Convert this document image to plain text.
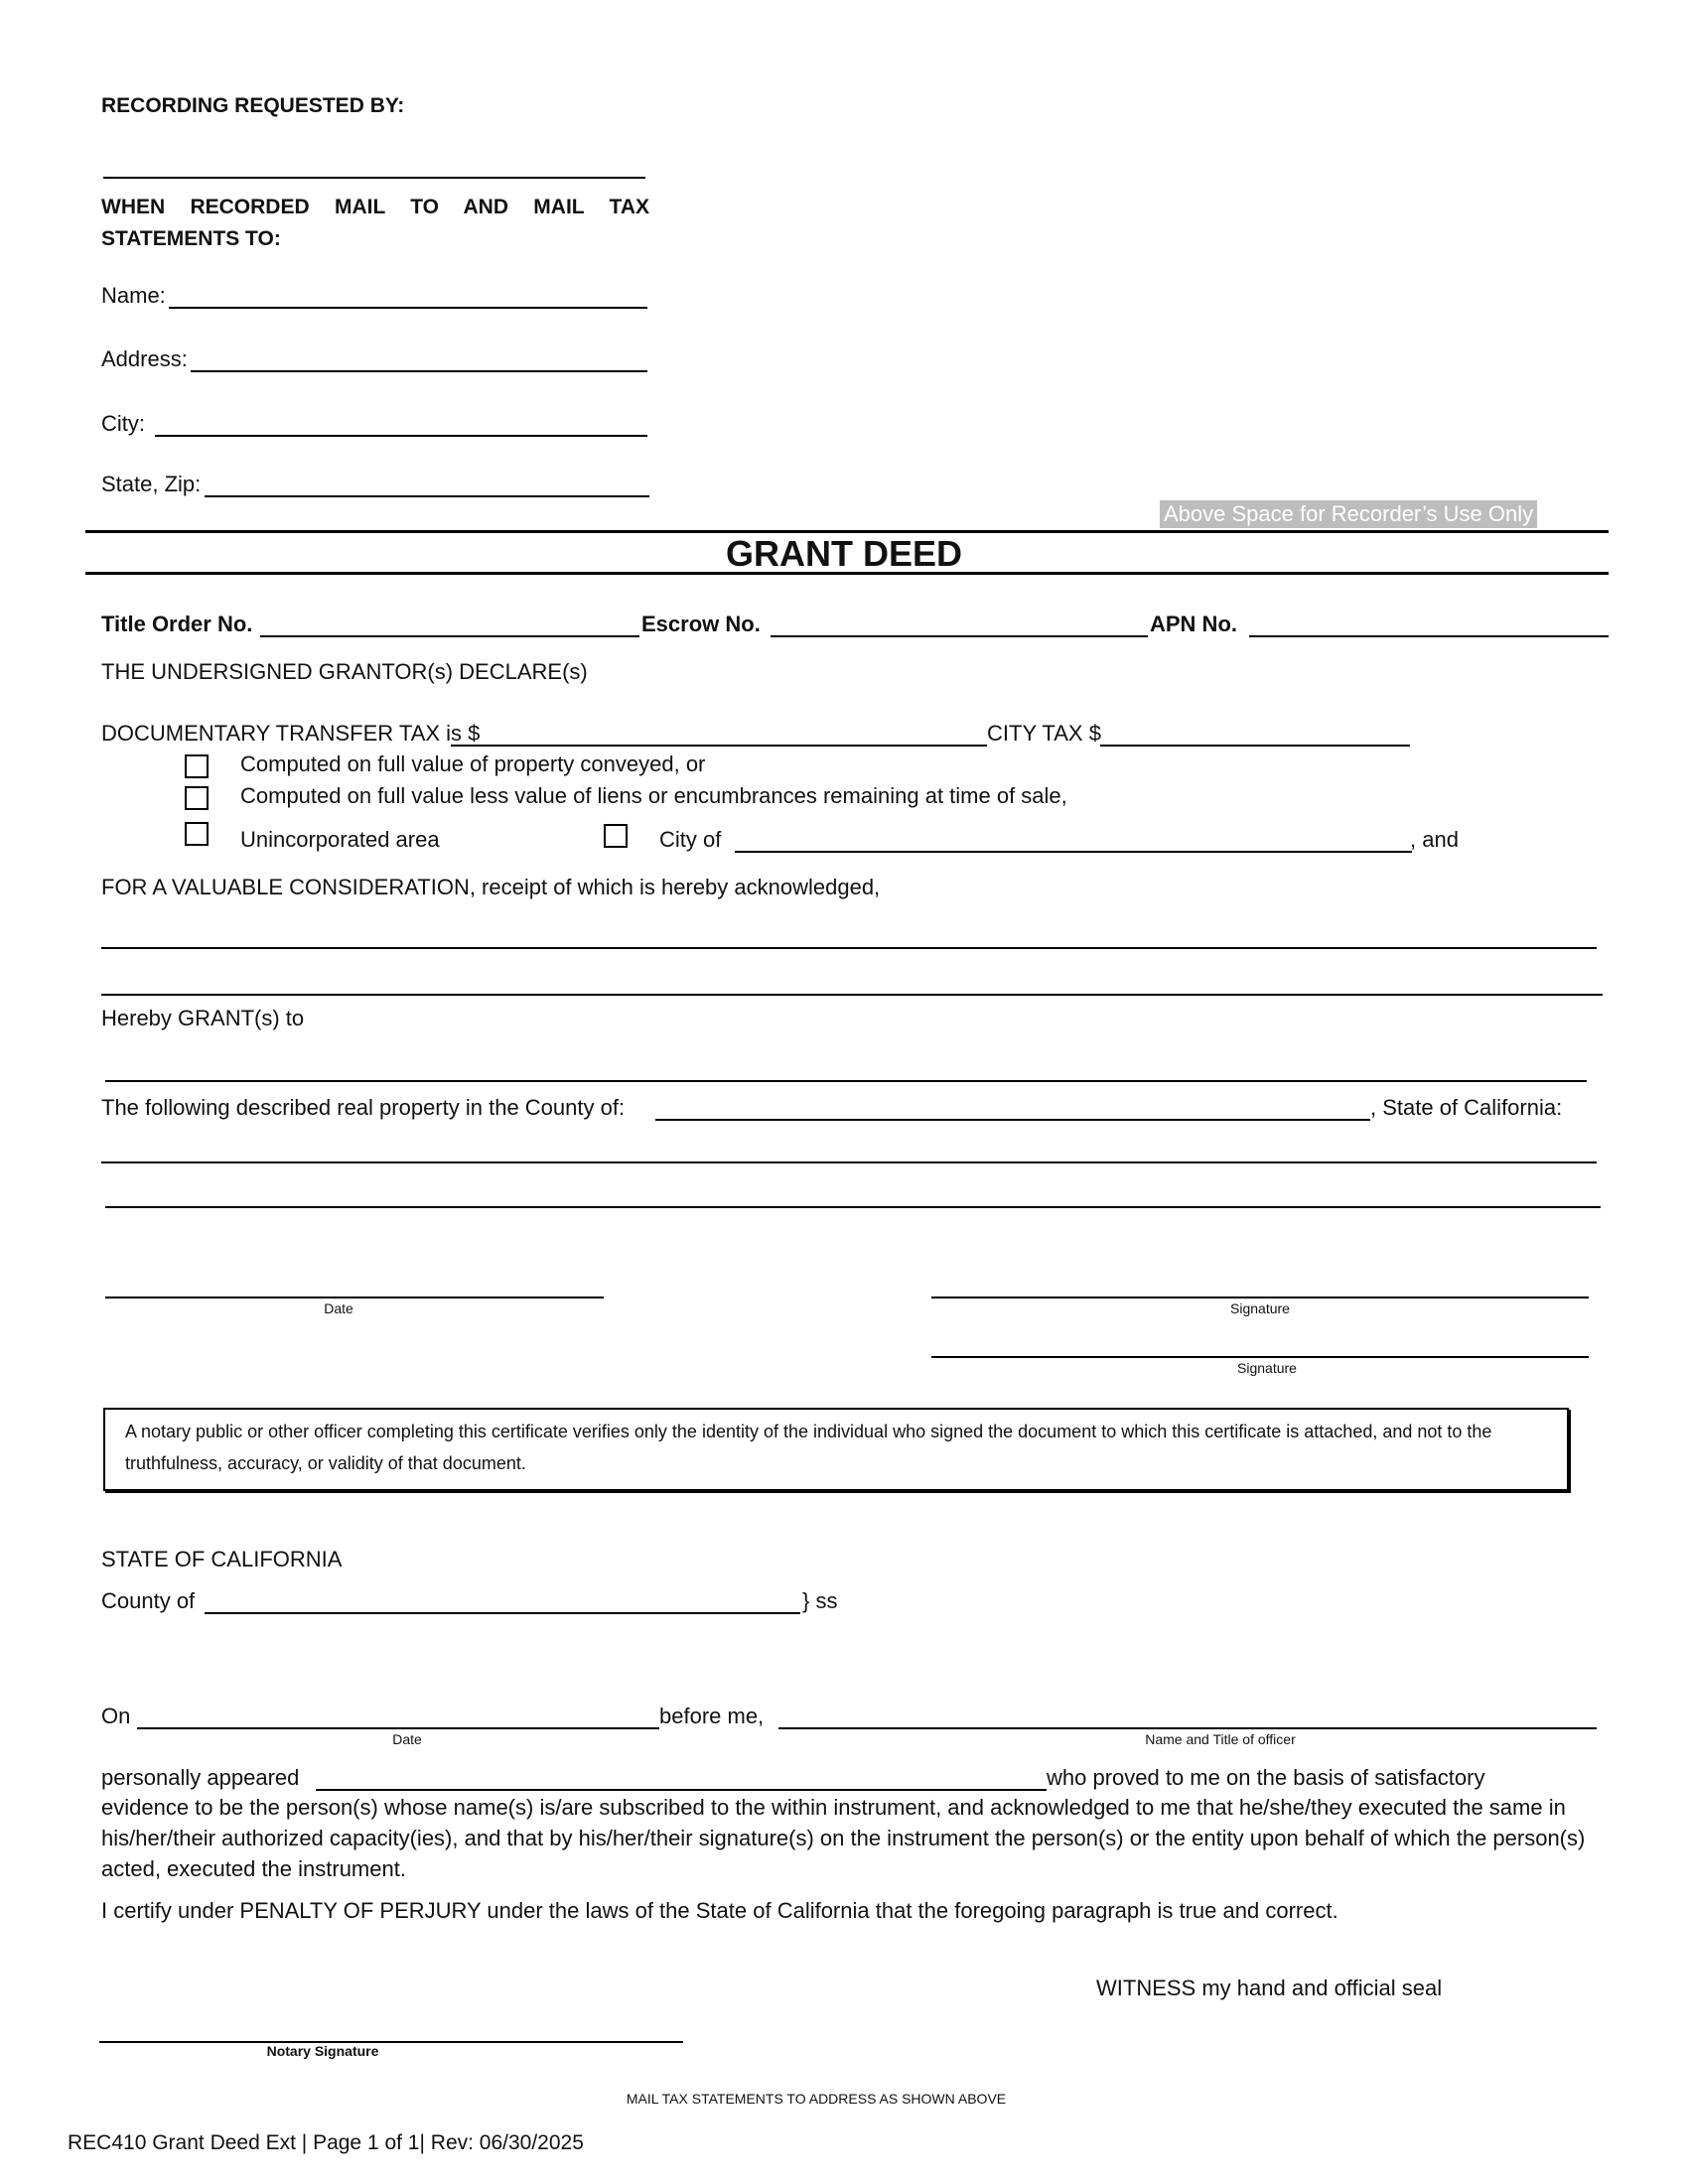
RECORDING REQUESTED BY:
WHEN RECORDED MAIL TO AND MAIL TAX
STATEMENTS TO:
Name:
Address:
City:
State, Zip:
Above Space for Recorder’s Use Only
GRANT DEED
Title Order No.	Escrow No.	APN No.
THE UNDERSIGNED GRANTOR(s) DECLARE(s)
DOCUMENTARY TRANSFER TAX is $	CITY TAX $
Computed on full value of property conveyed, or
Computed on full value less value of liens or encumbrances remaining at time of sale,
Unincorporated area	City of	, and
FOR A VALUABLE CONSIDERATION, receipt of which is hereby acknowledged,
Hereby GRANT(s) to
The following described real property in the County of:	, State of California:
Date	Signature
Signature
A notary public or other officer completing this certificate verifies only the identity of the individual who signed the document to which this certificate is attached, and not to the truthfulness, accuracy, or validity of that document.
STATE OF CALIFORNIA
County of	} ss
On	before me,
Date	Name and Title of officer
personally appeared	who proved to me on the basis of satisfactory
evidence to be the person(s) whose name(s) is/are subscribed to the within instrument, and acknowledged to me that he/she/they executed the same in his/her/their authorized capacity(ies), and that by his/her/their signature(s) on the instrument the person(s) or the entity upon behalf of which the person(s) acted, executed the instrument.
I certify under PENALTY OF PERJURY under the laws of the State of California that the foregoing paragraph is true and correct.
WITNESS my hand and official seal
Notary Signature
MAIL TAX STATEMENTS TO ADDRESS AS SHOWN ABOVE
REC410 Grant Deed Ext | Page 1 of 1| Rev: 06/30/2025
